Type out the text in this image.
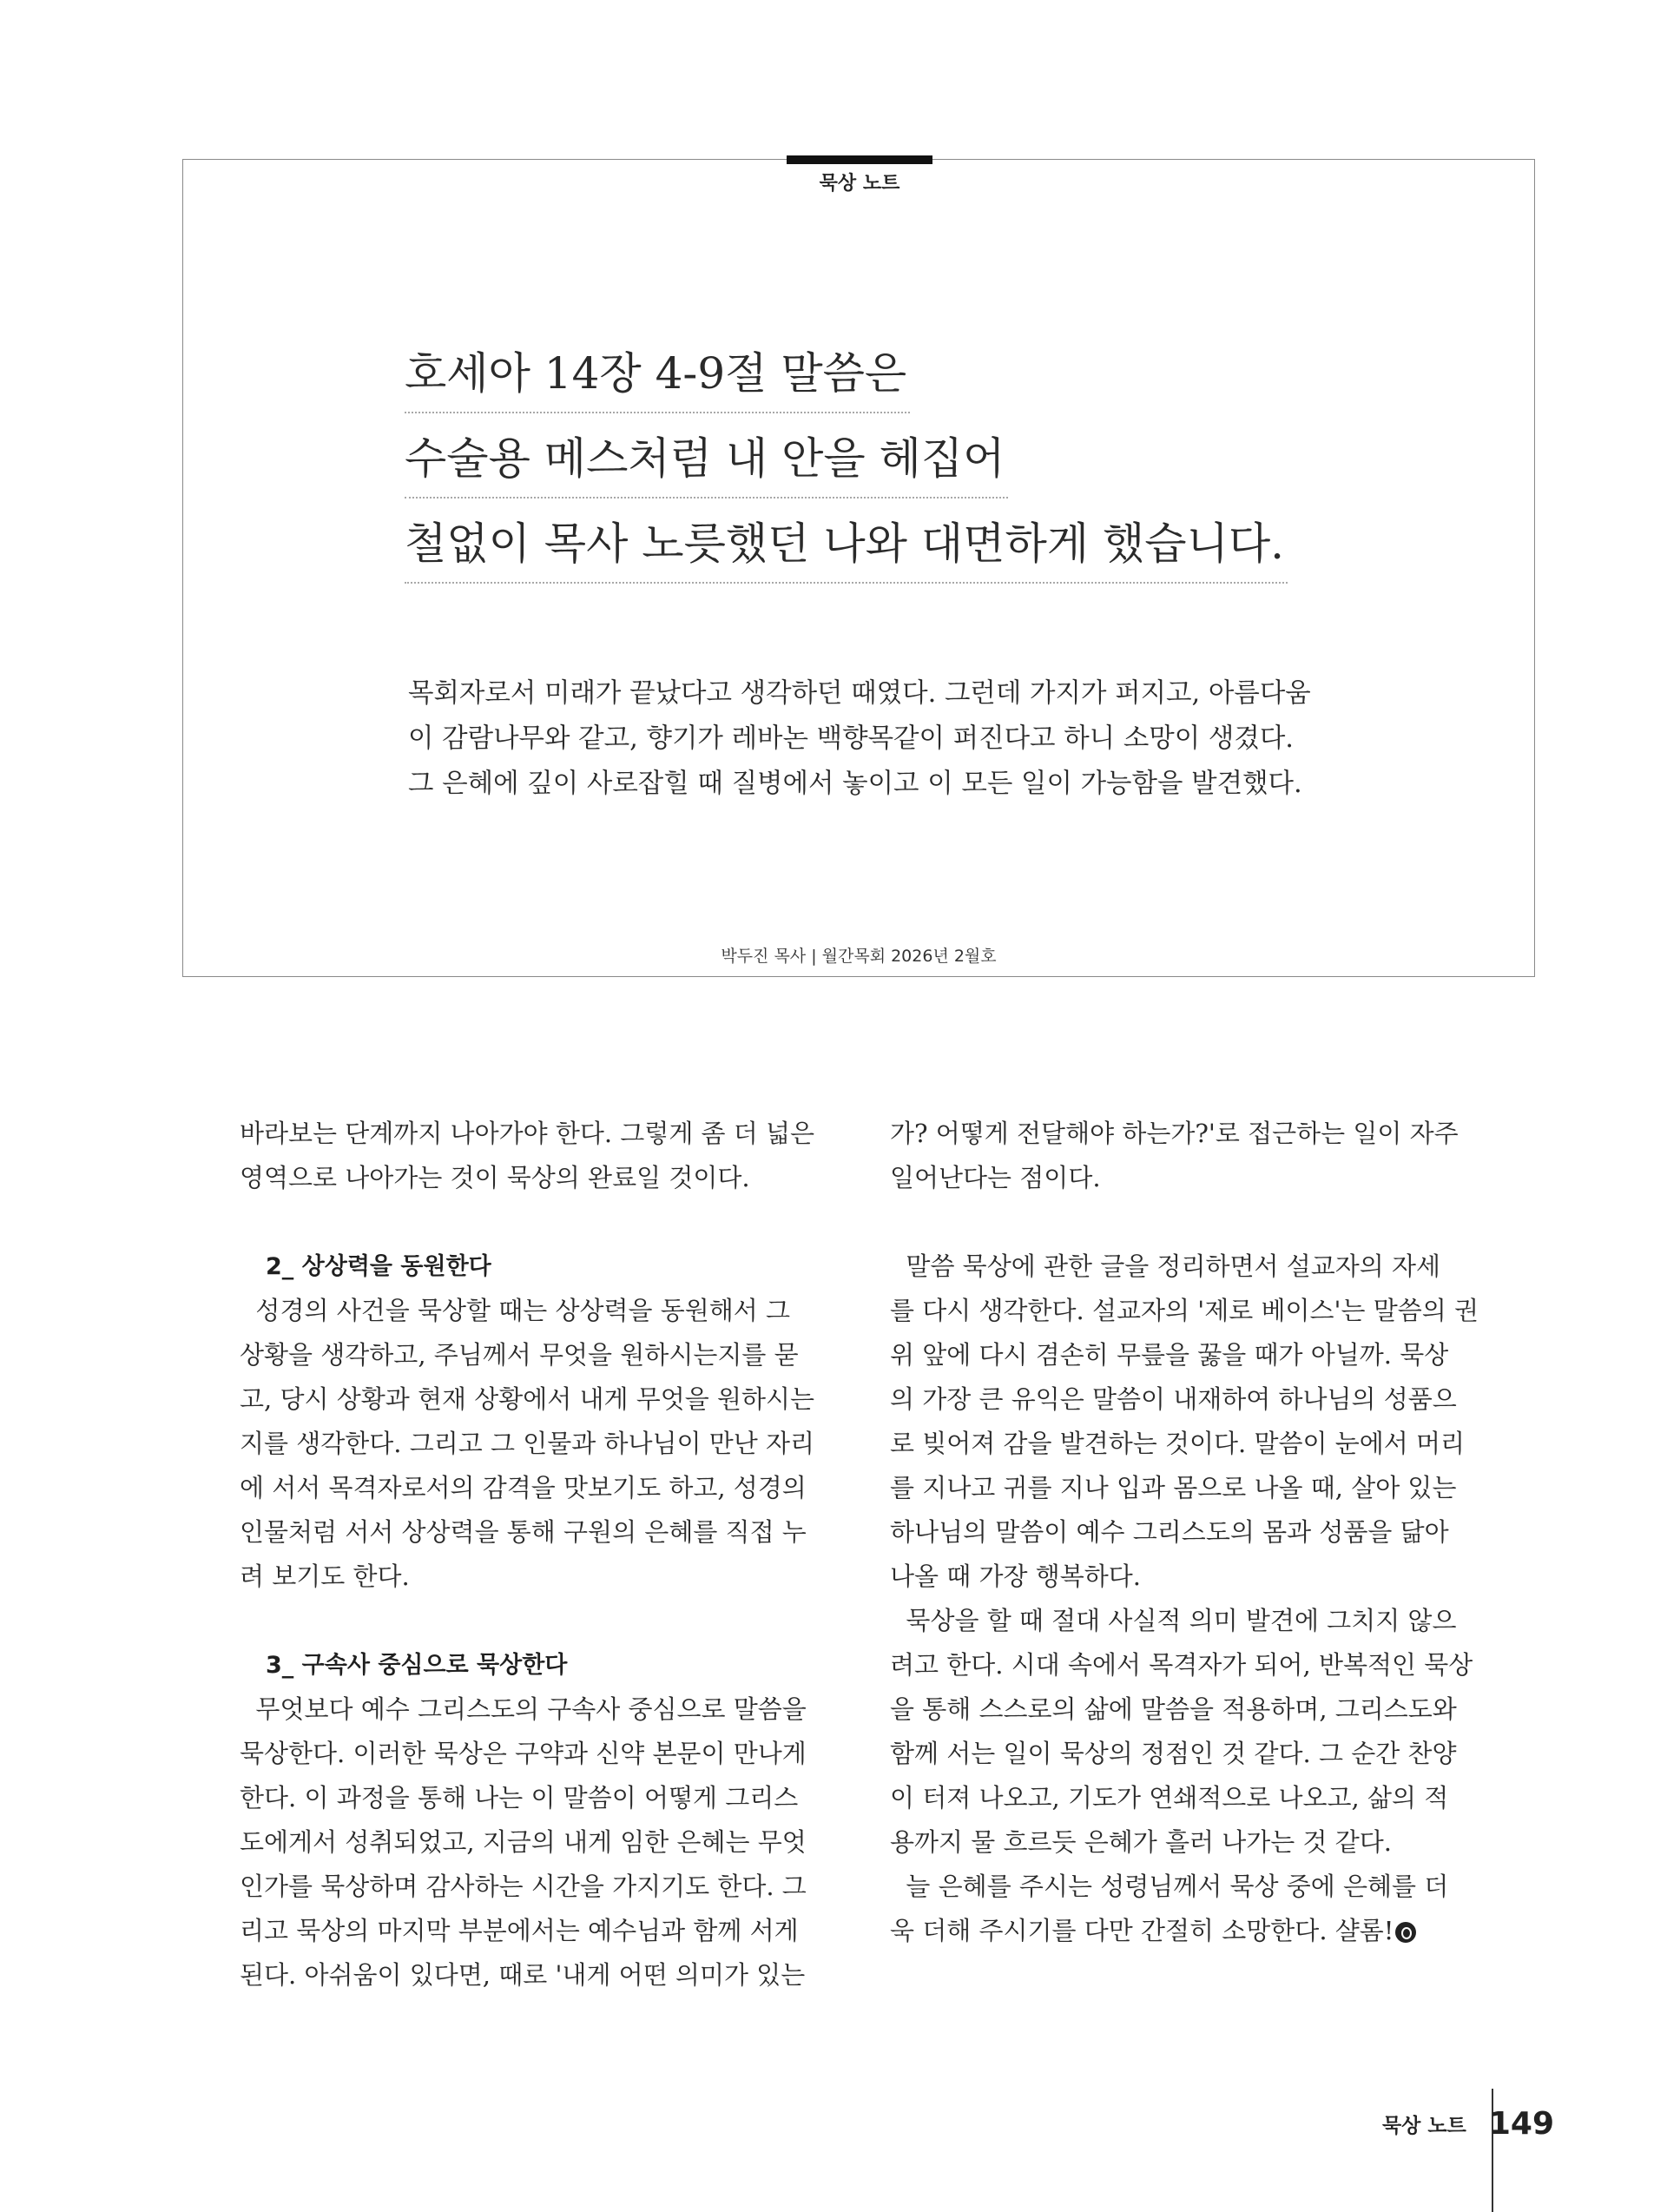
묵상 노트
호세아 14장 4-9절 말씀은
수술용 메스처럼 내 안을 헤집어
철없이 목사 노릇했던 나와 대면하게 했습니다.
목회자로서 미래가 끝났다고 생각하던 때였다. 그런데 가지가 퍼지고, 아름다움
이 감람나무와 같고, 향기가 레바논 백향목같이 퍼진다고 하니 소망이 생겼다.
그 은혜에 깊이 사로잡힐 때 질병에서 놓이고 이 모든 일이 가능함을 발견했다.
박두진 목사 | 월간목회 2026년 2월호

바라보는 단계까지 나아가야 한다. 그렇게 좀 더 넓은

영역으로 나아가는 것이 묵상의 완료일 것이다.

2_ 상상력을 동원한다

성경의 사건을 묵상할 때는 상상력을 동원해서 그

상황을 생각하고, 주님께서 무엇을 원하시는지를 묻

고, 당시 상황과 현재 상황에서 내게 무엇을 원하시는

지를 생각한다. 그리고 그 인물과 하나님이 만난 자리

에 서서 목격자로서의 감격을 맛보기도 하고, 성경의

인물처럼 서서 상상력을 통해 구원의 은혜를 직접 누

려 보기도 한다.

3_ 구속사 중심으로 묵상한다

무엇보다 예수 그리스도의 구속사 중심으로 말씀을

묵상한다. 이러한 묵상은 구약과 신약 본문이 만나게

한다. 이 과정을 통해 나는 이 말씀이 어떻게 그리스

도에게서 성취되었고, 지금의 내게 임한 은혜는 무엇

인가를 묵상하며 감사하는 시간을 가지기도 한다. 그

리고 묵상의 마지막 부분에서는 예수님과 함께 서게

된다. 아쉬움이 있다면, 때로 '내게 어떤 의미가 있는

가? 어떻게 전달해야 하는가?'로 접근하는 일이 자주

일어난다는 점이다.

말씀 묵상에 관한 글을 정리하면서 설교자의 자세

를 다시 생각한다. 설교자의 '제로 베이스'는 말씀의 권

위 앞에 다시 겸손히 무릎을 꿇을 때가 아닐까. 묵상

의 가장 큰 유익은 말씀이 내재하여 하나님의 성품으

로 빚어져 감을 발견하는 것이다. 말씀이 눈에서 머리

를 지나고 귀를 지나 입과 몸으로 나올 때, 살아 있는

하나님의 말씀이 예수 그리스도의 몸과 성품을 닮아

나올 때 가장 행복하다.

묵상을 할 때 절대 사실적 의미 발견에 그치지 않으

려고 한다. 시대 속에서 목격자가 되어, 반복적인 묵상

을 통해 스스로의 삶에 말씀을 적용하며, 그리스도와

함께 서는 일이 묵상의 정점인 것 같다. 그 순간 찬양

이 터져 나오고, 기도가 연쇄적으로 나오고, 삶의 적

용까지 물 흐르듯 은혜가 흘러 나가는 것 같다.

늘 은혜를 주시는 성령님께서 묵상 중에 은혜를 더

욱 더해 주시기를 다만 간절히 소망한다. 샬롬!

묵상 노트 149
